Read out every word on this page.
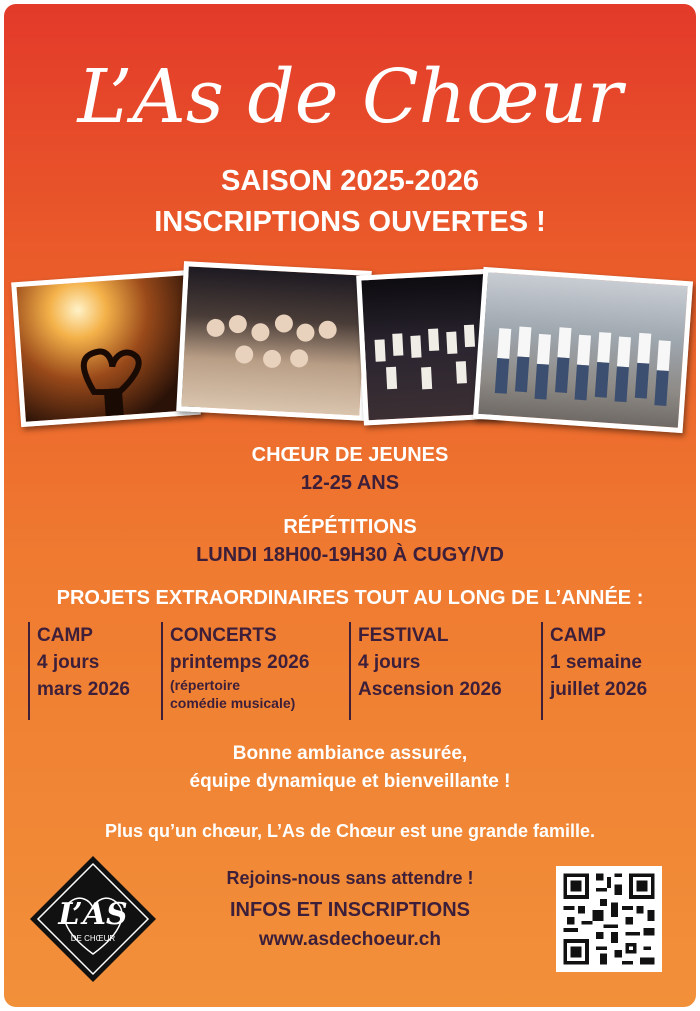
L’As de Chœur
SAISON 2025-2026
INSCRIPTIONS OUVERTES !
CHŒUR DE JEUNES
12-25 ANS
RÉPÉTITIONS
LUNDI 18H00-19H30 À CUGY/VD
PROJETS EXTRAORDINAIRES TOUT AU LONG DE L’ANNÉE :
CAMP
4 jours
mars 2026
CONCERTS
printemps 2026
(répertoire
comédie musicale)
FESTIVAL
4 jours
Ascension 2026
CAMP
1 semaine
juillet 2026
Bonne ambiance assurée,
équipe dynamique et bienveillante !
Plus qu’un chœur, L’As de Chœur est une grande famille.
L’AS
DE CHŒUR
Rejoins-nous sans attendre !
INFOS ET INSCRIPTIONS
www.asdechoeur.ch
